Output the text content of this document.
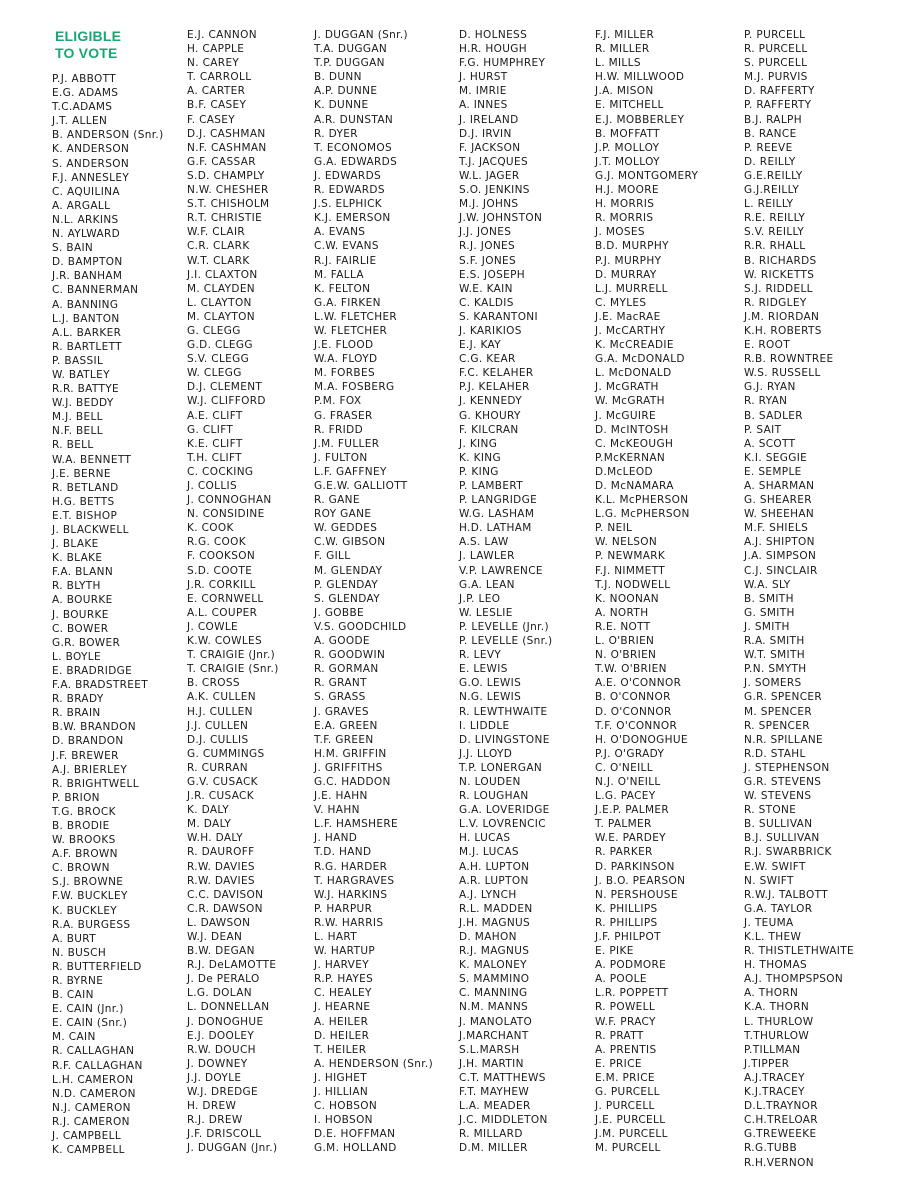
ELIGIBLE
TO VOTE
P.J. ABBOTT
E.G. ADAMS
T.C.ADAMS
J.T. ALLEN
B. ANDERSON (Snr.)
K. ANDERSON
S. ANDERSON
F.J. ANNESLEY
C. AQUILINA
A. ARGALL
N.L. ARKINS
N. AYLWARD
S. BAIN
D. BAMPTON
J.R. BANHAM
C. BANNERMAN
A. BANNING
L.J. BANTON
A.L. BARKER
R. BARTLETT
P. BASSIL
W. BATLEY
R.R. BATTYE
W.J. BEDDY
M.J. BELL
N.F. BELL
R. BELL
W.A. BENNETT
J.E. BERNE
R. BETLAND
H.G. BETTS
E.T. BISHOP
J. BLACKWELL
J. BLAKE
K. BLAKE
F.A. BLANN
R. BLYTH
A. BOURKE
J. BOURKE
C. BOWER
G.R. BOWER
L. BOYLE
E. BRADRIDGE
F.A. BRADSTREET
R. BRADY
R. BRAIN
B.W. BRANDON
D. BRANDON
J.F. BREWER
A.J. BRIERLEY
R. BRIGHTWELL
P. BRION
T.G. BROCK
B. BRODIE
W. BROOKS
A.F. BROWN
C. BROWN
S.J. BROWNE
F.W. BUCKLEY
K. BUCKLEY
R.A. BURGESS
A. BURT
N. BUSCH
R. BUTTERFIELD
R. BYRNE
B. CAIN
E. CAIN (Jnr.)
E. CAIN (Snr.)
M. CAIN
R. CALLAGHAN
R.F. CALLAGHAN
L.H. CAMERON
N.D. CAMERON
N.J. CAMERON
R.J. CAMERON
J. CAMPBELL
K. CAMPBELL
E.J. CANNON
H. CAPPLE
N. CAREY
T. CARROLL
A. CARTER
B.F. CASEY
F. CASEY
D.J. CASHMAN
N.F. CASHMAN
G.F. CASSAR
S.D. CHAMPLY
N.W. CHESHER
S.T. CHISHOLM
R.T. CHRISTIE
W.F. CLAIR
C.R. CLARK
W.T. CLARK
J.I. CLAXTON
M. CLAYDEN
L. CLAYTON
M. CLAYTON
G. CLEGG
G.D. CLEGG
S.V. CLEGG
W. CLEGG
D.J. CLEMENT
W.J. CLIFFORD
A.E. CLIFT
G. CLIFT
K.E. CLIFT
T.H. CLIFT
C. COCKING
J. COLLIS
J. CONNOGHAN
N. CONSIDINE
K. COOK
R.G. COOK
F. COOKSON
S.D. COOTE
J.R. CORKILL
E. CORNWELL
A.L. COUPER
J. COWLE
K.W. COWLES
T. CRAIGIE (Jnr.)
T. CRAIGIE (Snr.)
B. CROSS
A.K. CULLEN
H.J. CULLEN
J.J. CULLEN
D.J. CULLIS
G. CUMMINGS
R. CURRAN
G.V. CUSACK
J.R. CUSACK
K. DALY
M. DALY
W.H. DALY
R. DAUROFF
R.W. DAVIES
R.W. DAVIES
C.C. DAVISON
C.R. DAWSON
L. DAWSON
W.J. DEAN
B.W. DEGAN
R.J. DeLAMOTTE
J. De PERALO
L.G. DOLAN
L. DONNELLAN
J. DONOGHUE
E.J. DOOLEY
R.W. DOUCH
J. DOWNEY
J.J. DOYLE
W.J. DREDGE
H. DREW
R.J. DREW
J.F. DRISCOLL
J. DUGGAN (Jnr.)
J. DUGGAN (Snr.)
T.A. DUGGAN
T.P. DUGGAN
B. DUNN
A.P. DUNNE
K. DUNNE
A.R. DUNSTAN
R. DYER
T. ECONOMOS
G.A. EDWARDS
J. EDWARDS
R. EDWARDS
J.S. ELPHICK
K.J. EMERSON
A. EVANS
C.W. EVANS
R.J. FAIRLIE
M. FALLA
K. FELTON
G.A. FIRKEN
L.W. FLETCHER
W. FLETCHER
J.E. FLOOD
W.A. FLOYD
M. FORBES
M.A. FOSBERG
P.M. FOX
G. FRASER
R. FRIDD
J.M. FULLER
J. FULTON
L.F. GAFFNEY
G.E.W. GALLIOTT
R. GANE
ROY GANE
W. GEDDES
C.W. GIBSON
F. GILL
M. GLENDAY
P. GLENDAY
S. GLENDAY
J. GOBBE
V.S. GOODCHILD
A. GOODE
R. GOODWIN
R. GORMAN
R. GRANT
S. GRASS
J. GRAVES
E.A. GREEN
T.F. GREEN
H.M. GRIFFIN
J. GRIFFITHS
G.C. HADDON
J.E. HAHN
V. HAHN
L.F. HAMSHERE
J. HAND
T.D. HAND
R.G. HARDER
T. HARGRAVES
W.J. HARKINS
P. HARPUR
R.W. HARRIS
L. HART
W. HARTUP
J. HARVEY
R.P. HAYES
C. HEALEY
J. HEARNE
A. HEILER
D. HEILER
T. HEILER
A. HENDERSON (Snr.)
J. HIGHET
J. HILLIAN
C. HOBSON
I. HOBSON
D.E. HOFFMAN
G.M. HOLLAND
D. HOLNESS
H.R. HOUGH
F.G. HUMPHREY
J. HURST
M. IMRIE
A. INNES
J. IRELAND
D.J. IRVIN
F. JACKSON
T.J. JACQUES
W.L. JAGER
S.O. JENKINS
M.J. JOHNS
J.W. JOHNSTON
J.J. JONES
R.J. JONES
S.F. JONES
E.S. JOSEPH
W.E. KAIN
C. KALDIS
S. KARANTONI
J. KARIKIOS
E.J. KAY
C.G. KEAR
F.C. KELAHER
P.J. KELAHER
J. KENNEDY
G. KHOURY
F. KILCRAN
J. KING
K. KING
P. KING
P. LAMBERT
P. LANGRIDGE
W.G. LASHAM
H.D. LATHAM
A.S. LAW
J. LAWLER
V.P. LAWRENCE
G.A. LEAN
J.P. LEO
W. LESLIE
P. LEVELLE (Jnr.)
P. LEVELLE (Snr.)
R. LEVY
E. LEWIS
G.O. LEWIS
N.G. LEWIS
R. LEWTHWAITE
I. LIDDLE
D. LIVINGSTONE
J.J. LLOYD
T.P. LONERGAN
N. LOUDEN
R. LOUGHAN
G.A. LOVERIDGE
L.V. LOVRENCIC
H. LUCAS
M.J. LUCAS
A.H. LUPTON
A.R. LUPTON
A.J. LYNCH
R.L. MADDEN
J.H. MAGNUS
D. MAHON
R.J. MAGNUS
K. MALONEY
S. MAMMINO
C. MANNING
N.M. MANNS
J. MANOLATO
J.MARCHANT
S.L.MARSH
J.H. MARTIN
C.T. MATTHEWS
F.T. MAYHEW
L.A. MEADER
J.C. MIDDLETON
R. MILLARD
D.M. MILLER
F.J. MILLER
R. MILLER
L. MILLS
H.W. MILLWOOD
J.A. MISON
E. MITCHELL
E.J. MOBBERLEY
B. MOFFATT
J.P. MOLLOY
J.T. MOLLOY
G.J. MONTGOMERY
H.J. MOORE
H. MORRIS
R. MORRIS
J. MOSES
B.D. MURPHY
P.J. MURPHY
D. MURRAY
L.J. MURRELL
C. MYLES
J.E. MacRAE
J. McCARTHY
K. McCREADIE
G.A. McDONALD
L. McDONALD
J. McGRATH
W. McGRATH
J. McGUIRE
D. McINTOSH
C. McKEOUGH
P.McKERNAN
D.McLEOD
D. McNAMARA
K.L. McPHERSON
L.G. McPHERSON
P. NEIL
W. NELSON
P. NEWMARK
F.J. NIMMETT
T.J. NODWELL
K. NOONAN
A. NORTH
R.E. NOTT
L. O'BRIEN
N. O'BRIEN
T.W. O'BRIEN
A.E. O'CONNOR
B. O'CONNOR
D. O'CONNOR
T.F. O'CONNOR
H. O'DONOGHUE
P.J. O'GRADY
C. O'NEILL
N.J. O'NEILL
L.G. PACEY
J.E.P. PALMER
T. PALMER
W.E. PARDEY
R. PARKER
D. PARKINSON
J. B.O. PEARSON
N. PERSHOUSE
K. PHILLIPS
R. PHILLIPS
J.F. PHILPOT
E. PIKE
A. PODMORE
A. POOLE
L.R. POPPETT
R. POWELL
W.F. PRACY
R. PRATT
A. PRENTIS
E. PRICE
E.M. PRICE
G. PURCELL
J. PURCELL
J.E. PURCELL
J.M. PURCELL
M. PURCELL
P. PURCELL
R. PURCELL
S. PURCELL
M.J. PURVIS
D. RAFFERTY
P. RAFFERTY
B.J. RALPH
B. RANCE
P. REEVE
D. REILLY
G.E.REILLY
G.J.REILLY
L. REILLY
R.E. REILLY
S.V. REILLY
R.R. RHALL
B. RICHARDS
W. RICKETTS
S.J. RIDDELL
R. RIDGLEY
J.M. RIORDAN
K.H. ROBERTS
E. ROOT
R.B. ROWNTREE
W.S. RUSSELL
G.J. RYAN
R. RYAN
B. SADLER
P. SAIT
A. SCOTT
K.I. SEGGIE
E. SEMPLE
A. SHARMAN
G. SHEARER
W. SHEEHAN
M.F. SHIELS
A.J. SHIPTON
J.A. SIMPSON
C.J. SINCLAIR
W.A. SLY
B. SMITH
G. SMITH
J. SMITH
R.A. SMITH
W.T. SMITH
P.N. SMYTH
J. SOMERS
G.R. SPENCER
M. SPENCER
R. SPENCER
N.R. SPILLANE
R.D. STAHL
J. STEPHENSON
G.R. STEVENS
W. STEVENS
R. STONE
B. SULLIVAN
B.J. SULLIVAN
R.J. SWARBRICK
E.W. SWIFT
N. SWIFT
R.W.J. TALBOTT
G.A. TAYLOR
J. TEUMA
K.L. THEW
R. THISTLETHWAITE
H. THOMAS
A.J. THOMPSPSON
A. THORN
K.A. THORN
L. THURLOW
T.THURLOW
P.TILLMAN
J.TIPPER
A.J.TRACEY
K.J.TRACEY
D.L.TRAYNOR
C.H.TRELOAR
G.TREWEEKE
R.G.TUBB
R.H.VERNON
